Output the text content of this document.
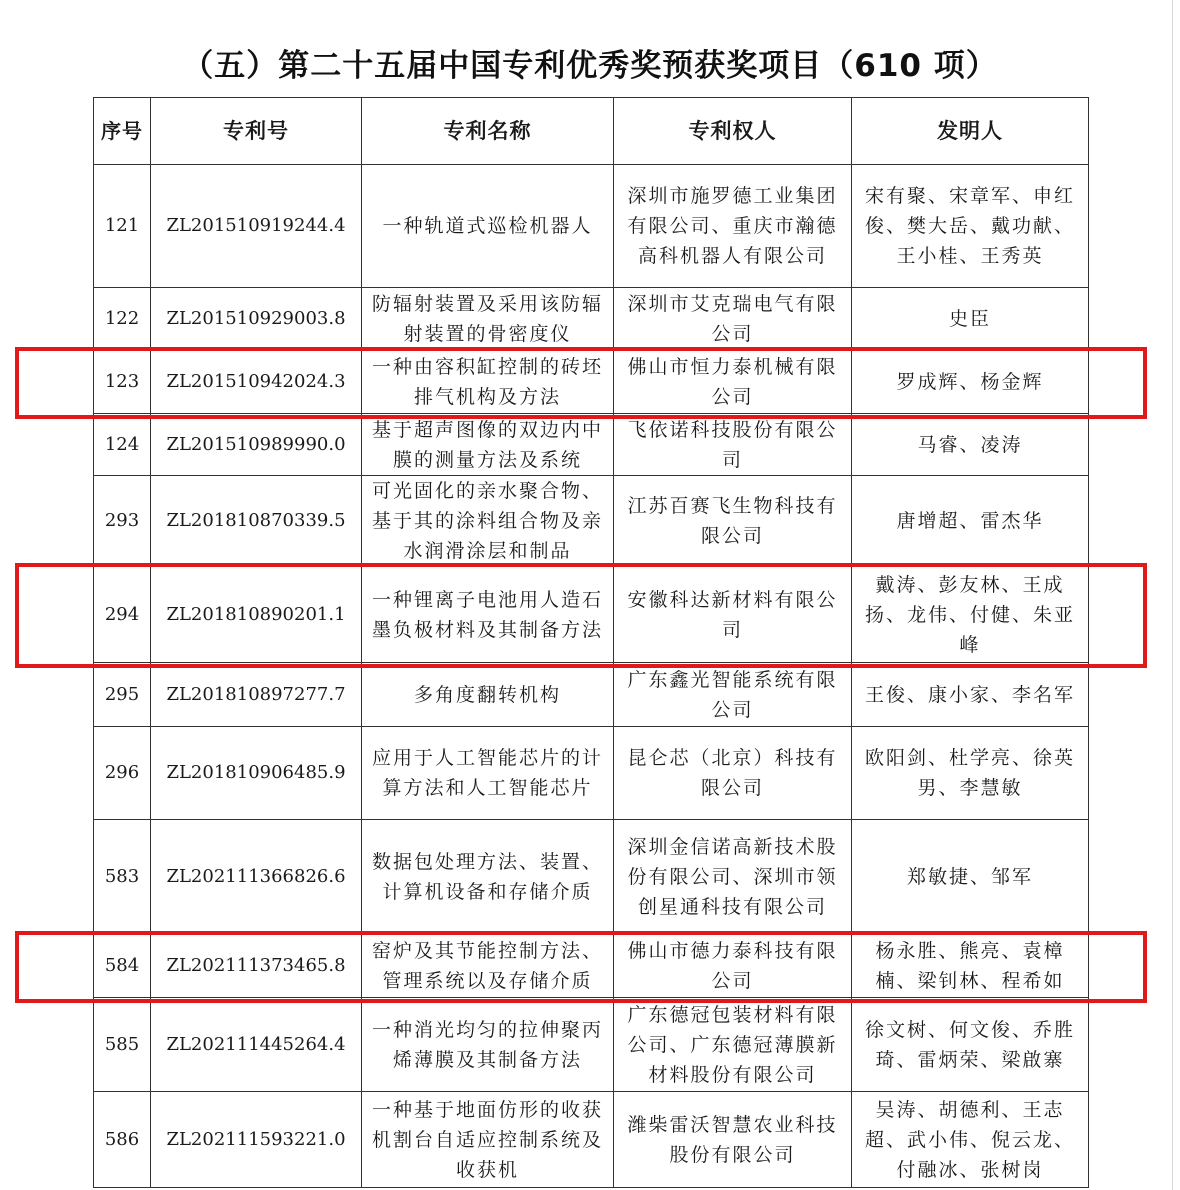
（五）第二十五届中国专利优秀奖预获奖项目（610 项）
序号	专利号	专利名称	专利权人	发明人
121	ZL201510919244.4	一种轨道式巡检机器人	深圳市施罗德工业集团有限公司、重庆市瀚德高科机器人有限公司	宋有聚、宋章军、申红俊、樊大岳、戴功献、王小桂、王秀英
122	ZL201510929003.8	防辐射装置及采用该防辐射装置的骨密度仪	深圳市艾克瑞电气有限公司	史臣
123	ZL201510942024.3	一种由容积缸控制的砖坯排气机构及方法	佛山市恒力泰机械有限公司	罗成辉、杨金辉
124	ZL201510989990.0	基于超声图像的双边内中膜的测量方法及系统	飞依诺科技股份有限公司	马睿、凌涛
293	ZL201810870339.5	可光固化的亲水聚合物、基于其的涂料组合物及亲水润滑涂层和制品	江苏百赛飞生物科技有限公司	唐增超、雷杰华
294	ZL201810890201.1	一种锂离子电池用人造石墨负极材料及其制备方法	安徽科达新材料有限公司	戴涛、彭友林、王成扬、龙伟、付健、朱亚峰
295	ZL201810897277.7	多角度翻转机构	广东鑫光智能系统有限公司	王俊、康小家、李名军
296	ZL201810906485.9	应用于人工智能芯片的计算方法和人工智能芯片	昆仑芯（北京）科技有限公司	欧阳剑、杜学亮、徐英男、李慧敏
583	ZL202111366826.6	数据包处理方法、装置、计算机设备和存储介质	深圳金信诺高新技术股份有限公司、深圳市领创星通科技有限公司	郑敏捷、邹军
584	ZL202111373465.8	窑炉及其节能控制方法、管理系统以及存储介质	佛山市德力泰科技有限公司	杨永胜、熊亮、袁樟楠、梁钊林、程希如
585	ZL202111445264.4	一种消光均匀的拉伸聚丙烯薄膜及其制备方法	广东德冠包装材料有限公司、广东德冠薄膜新材料股份有限公司	徐文树、何文俊、乔胜琦、雷炳荣、梁啟寨
586	ZL202111593221.0	一种基于地面仿形的收获机割台自适应控制系统及收获机	潍柴雷沃智慧农业科技股份有限公司	吴涛、胡德利、王志超、武小伟、倪云龙、付融冰、张树岗
